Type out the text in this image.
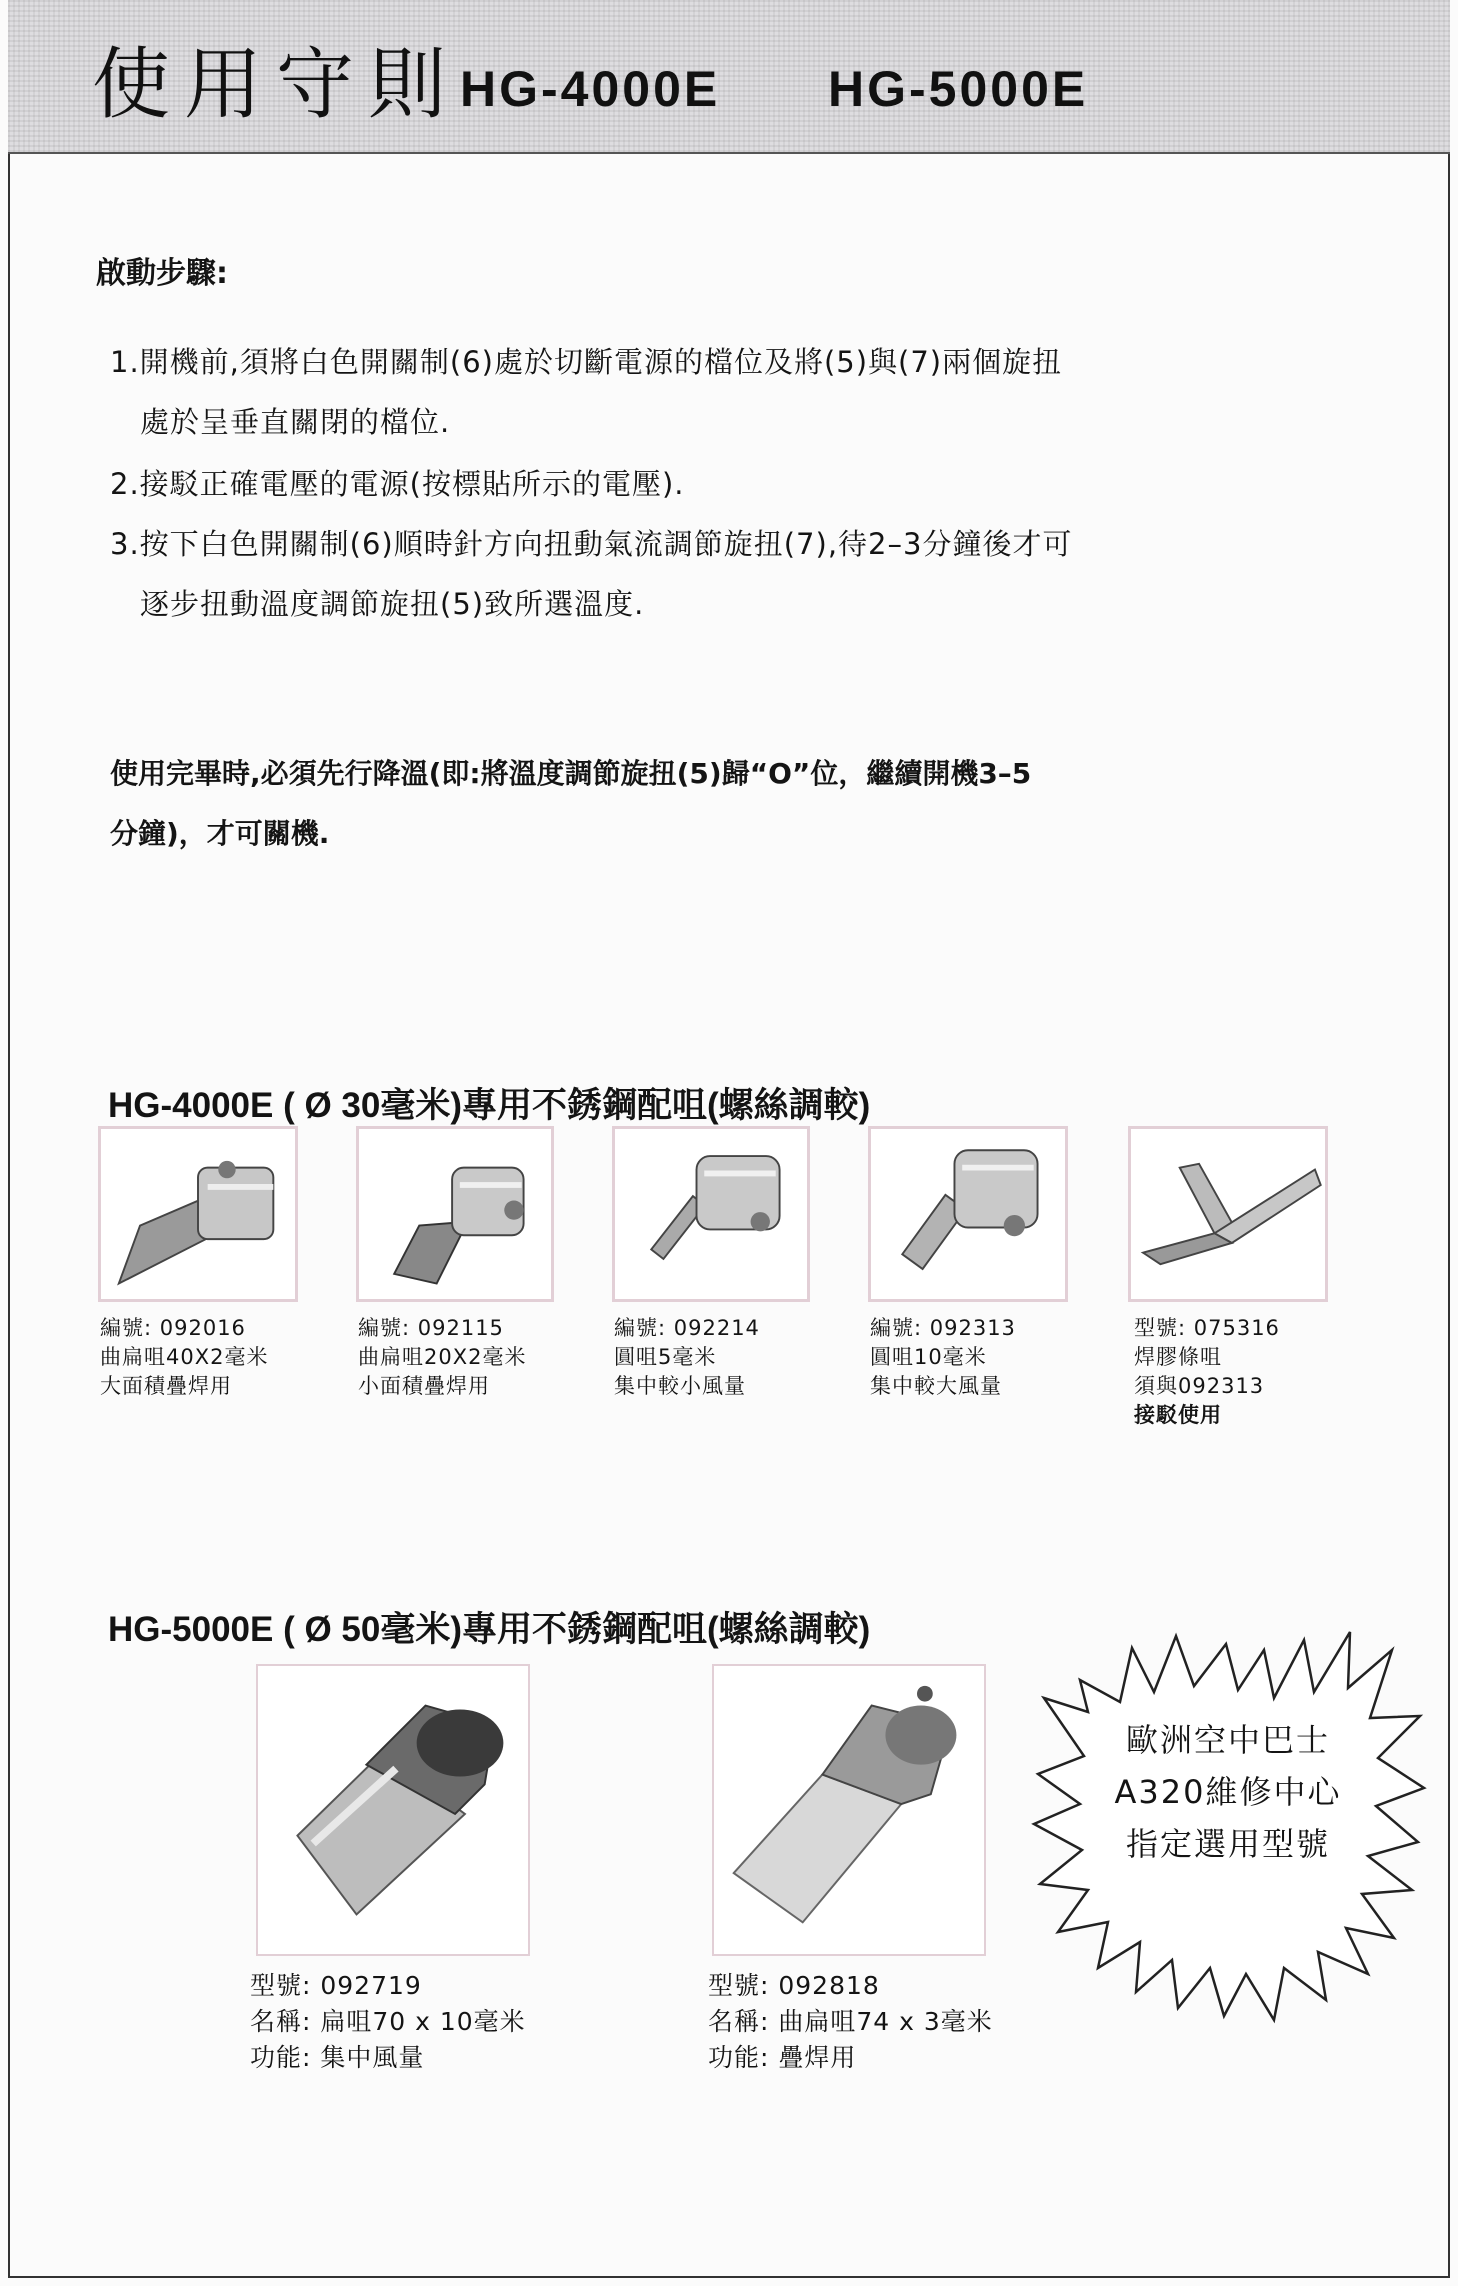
使用守則 HG-4000E HG-5000E
啟動步驟:
1.開機前,須將白色開關制(6)處於切斷電源的檔位及將(5)與(7)兩個旋扭
處於呈垂直關閉的檔位.
2.接駁正確電壓的電源(按標貼所示的電壓).
3.按下白色開關制(6)順時針方向扭動氣流調節旋扭(7),待2–3分鐘後才可
逐步扭動溫度調節旋扭(5)致所選溫度.
使用完畢時,必須先行降溫(即:將溫度調節旋扭(5)歸“O”位，繼續開機3–5
分鐘)，才可關機.
HG-4000E ( Ø 30毫米)專用不銹鋼配咀(螺絲調較)
編號: 092016
曲扁咀40X2毫米
大面積疊焊用
編號: 092115
曲扁咀20X2毫米
小面積疊焊用
編號: 092214
圓咀5毫米
集中較小風量
編號: 092313
圓咀10毫米
集中較大風量
型號: 075316
焊膠條咀
須與092313
接駁使用
HG-5000E ( Ø 50毫米)專用不銹鋼配咀(螺絲調較)
型號: 092719
名稱: 扁咀70 x 10毫米
功能: 集中風量
型號: 092818
名稱: 曲扁咀74 x 3毫米
功能: 疊焊用
歐洲空中巴士
A320維修中心
指定選用型號
